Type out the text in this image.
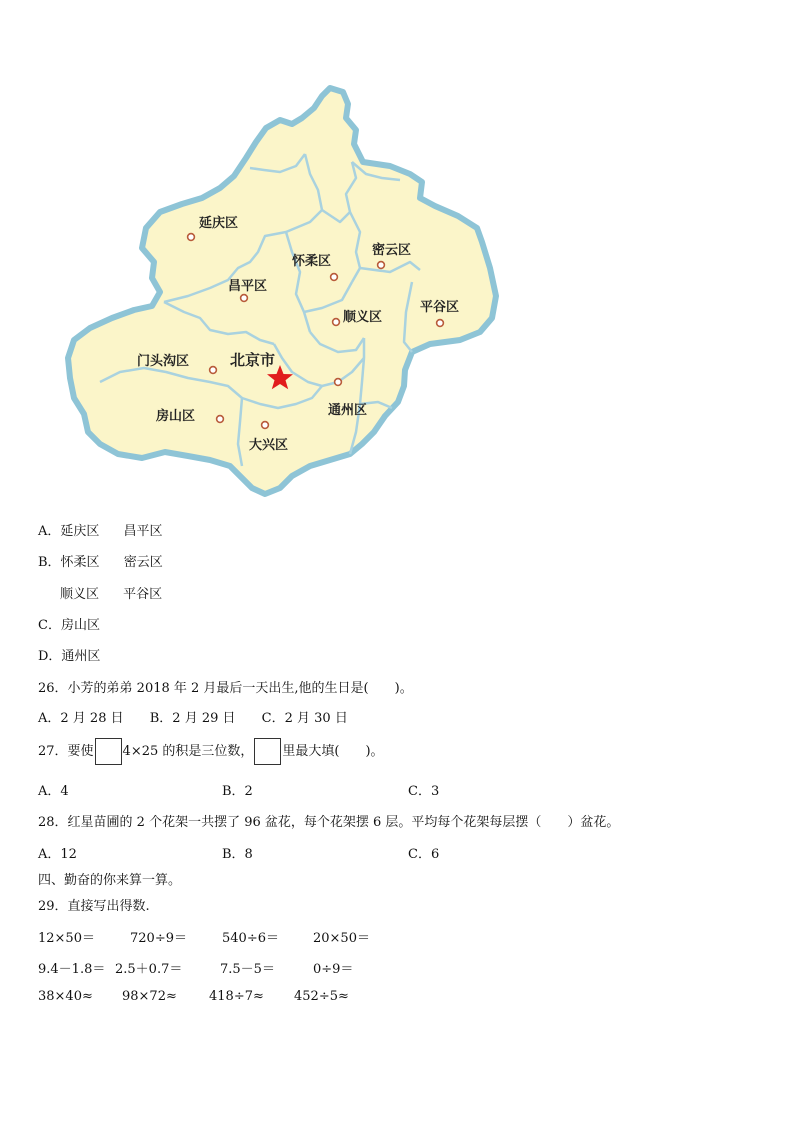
延庆区
怀柔区
密云区
昌平区
平谷区
顺义区
门头沟区	北京市
通州区
房山区
大兴区
A．延庆区 昌平区
B．怀柔区 密云区
顺义区 平谷区
C．房山区
D．通州区
26．小芳的弟弟 2018 年 2 月最后一天出生,他的生日是(　　)。
A．2 月 28 日 B．2 月 29 日 C．2 月 30 日
27．要使 4×25 的积是三位数， 里最大填(　　)。
A．4	B．2	C．3
28．红星苗圃的 2 个花架一共摆了 96 盆花，每个花架摆 6 层。平均每个花架每层摆（　　）盆花。
A．12	B．8	C．6
四、勤奋的你来算一算。
29．直接写出得数.
12×50＝	720÷9＝	540÷6＝	20×50＝
9.4－1.8＝ 2.5＋0.7＝	7.5－5＝	0÷9＝
38×40≈ 98×72≈ 418÷7≈ 452÷5≈
